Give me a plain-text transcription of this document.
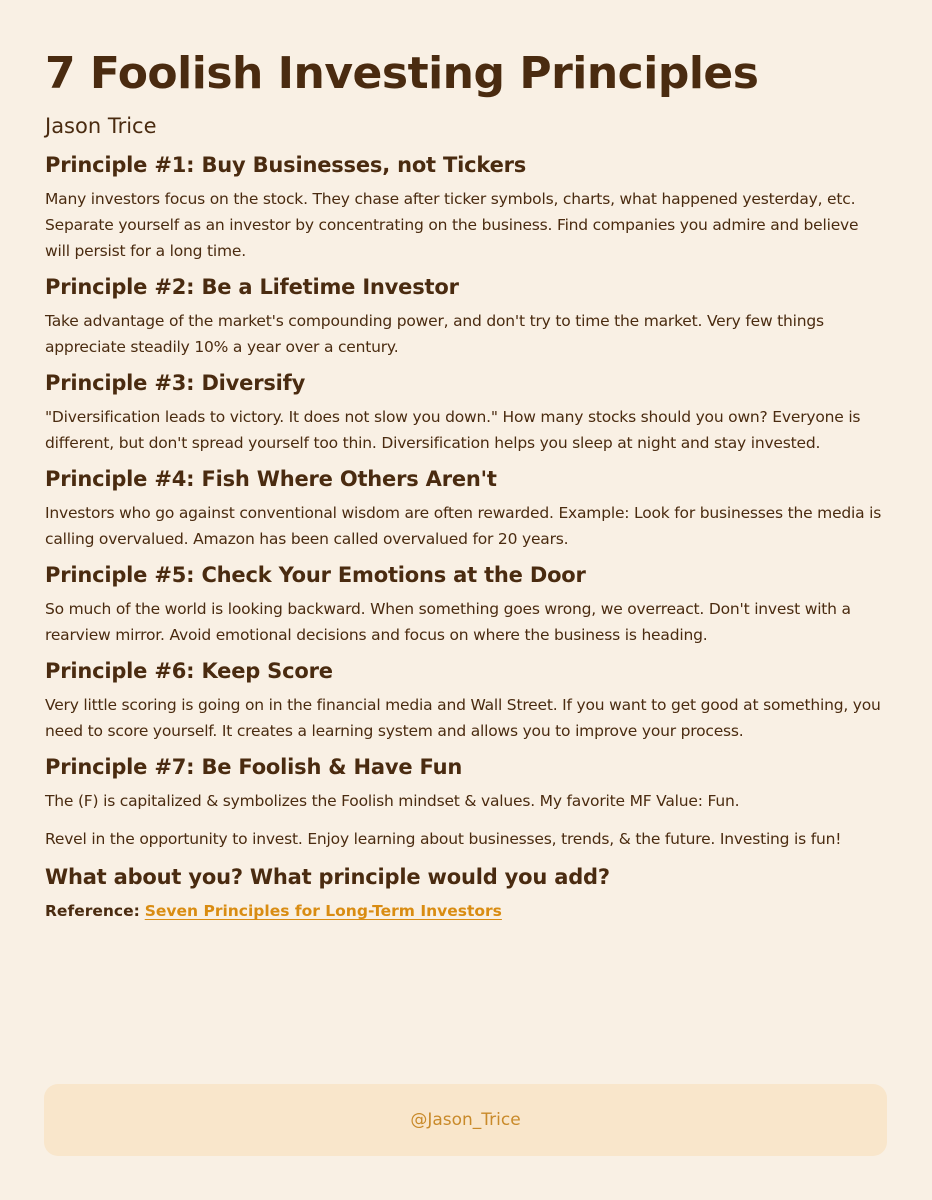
7 Foolish Investing Principles
Jason Trice
Principle #1: Buy Businesses, not Tickers

Many investors focus on the stock. They chase after ticker symbols, charts, what happened yesterday, etc. Separate yourself as an investor by concentrating on the business. Find companies you admire and believe will persist for a long time.

Principle #2: Be a Lifetime Investor

Take advantage of the market's compounding power, and don't try to time the market. Very few things appreciate steadily 10% a year over a century.

Principle #3: Diversify

"Diversification leads to victory. It does not slow you down." How many stocks should you own? Everyone is different, but don't spread yourself too thin. Diversification helps you sleep at night and stay invested.

Principle #4: Fish Where Others Aren't

Investors who go against conventional wisdom are often rewarded. Example: Look for businesses the media is calling overvalued. Amazon has been called overvalued for 20 years.

Principle #5: Check Your Emotions at the Door

So much of the world is looking backward. When something goes wrong, we overreact. Don't invest with a rearview mirror. Avoid emotional decisions and focus on where the business is heading.

Principle #6: Keep Score

Very little scoring is going on in the financial media and Wall Street. If you want to get good at something, you need to score yourself. It creates a learning system and allows you to improve your process.

Principle #7: Be Foolish & Have Fun

The (F) is capitalized & symbolizes the Foolish mindset & values. My favorite MF Value: Fun.

Revel in the opportunity to invest. Enjoy learning about businesses, trends, & the future. Investing is fun!

What about you? What principle would you add?

Reference: Seven Principles for Long-Term Investors

@Jason_Trice
